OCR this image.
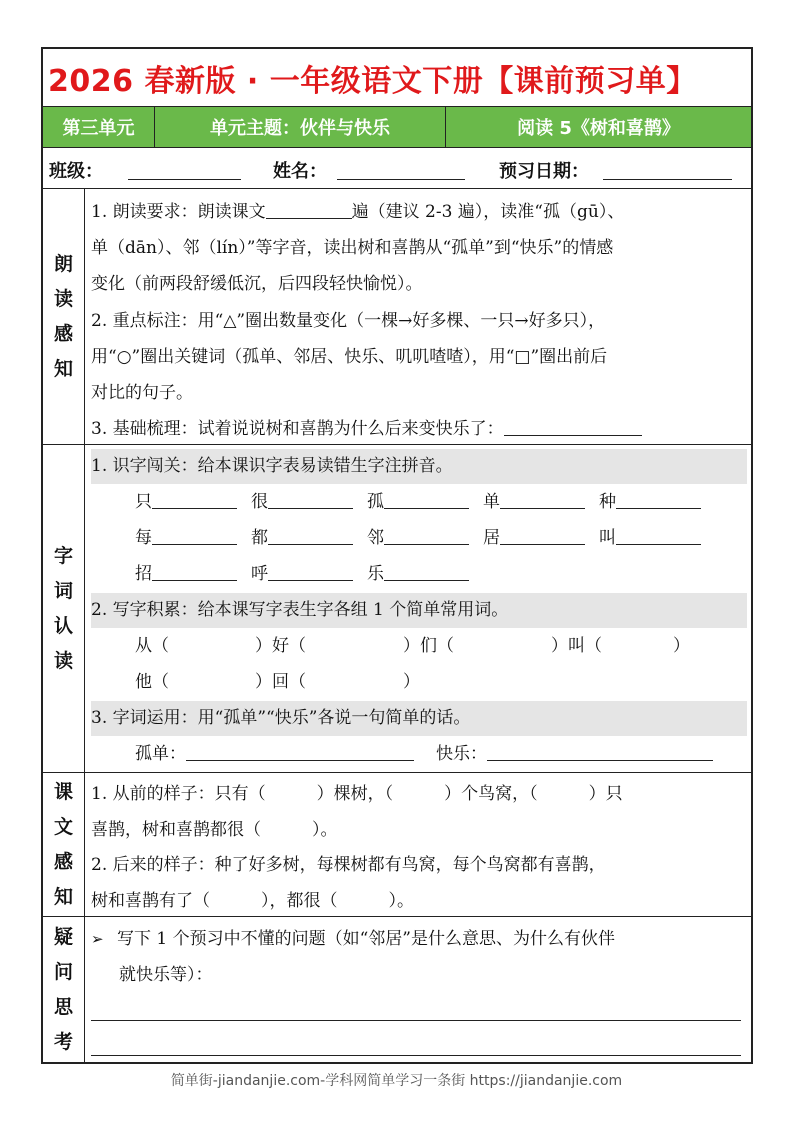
2026 春新版 · 一年级语文下册【课前预习单】
第三单元	单元主题：伙伴与快乐	阅读 5《树和喜鹊》
班级：	姓名：	预习日期：
朗读感知
1. 朗读要求：朗读课文	遍（建议 2-3 遍），读准“孤（gū）、
单（dān）、邻（lín）”等字音，读出树和喜鹊从“孤单”到“快乐”的情感
变化（前两段舒缓低沉，后四段轻快愉悦）。
2. 重点标注：用“△”圈出数量变化（一棵→好多棵、一只→好多只），
用“○”圈出关键词（孤单、邻居、快乐、叽叽喳喳），用“□”圈出前后
对比的句子。
3. 基础梳理：试着说说树和喜鹊为什么后来变快乐了：
字词认读
1. 识字闯关：给本课识字表易读错生字注拼音。
只	很	孤	单	种
每	都	邻	居	叫
招	呼	乐
2. 写字积累：给本课写字表生字各组 1 个简单常用词。
从（	）好（	）们（	）叫（	）
他（	）回（	）
3. 字词运用：用“孤单”“快乐”各说一句简单的话。
孤单：	快乐：
课文感知
1. 从前的样子：只有（　　　）棵树，（　　　）个鸟窝，（　　　）只
喜鹊，树和喜鹊都很（　　　）。
2. 后来的样子：种了好多树，每棵树都有鸟窝，每个鸟窝都有喜鹊，
树和喜鹊有了（　　　），都很（　　　）。
疑问思考
➢ 写下 1 个预习中不懂的问题（如“邻居”是什么意思、为什么有伙伴
就快乐等）：
简单街-jiandanjie.com-学科网简单学习一条街 https://jiandanjie.com
